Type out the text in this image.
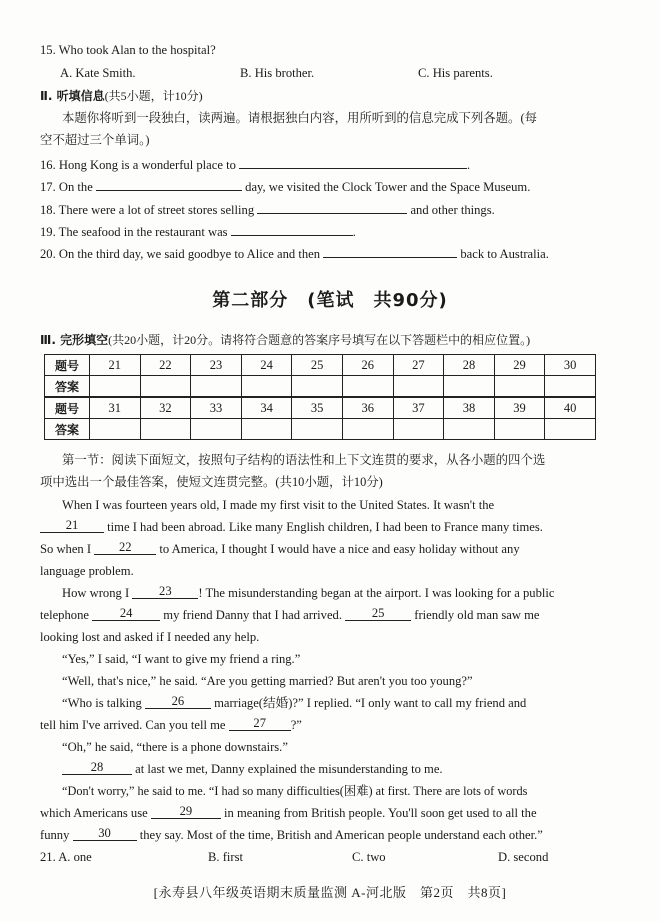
15. Who took Alan to the hospital?
A. Kate Smith.	B. His brother.	C. His parents.
Ⅱ. 听填信息(共5小题，计10分)
本题你将听到一段独白，读两遍。请根据独白内容，用所听到的信息完成下列各题。(每
空不超过三个单词。)
16. Hong Kong is a wonderful place to	.
17. On the	day, we visited the Clock Tower and the Space Museum.
18. There were a lot of street stores selling	and other things.
19. The seafood in the restaurant was	.
20. On the third day, we said goodbye to Alice and then	back to Australia.
第二部分　(笔试　共90分)
Ⅲ. 完形填空(共20小题，计20分。请将符合题意的答案序号填写在以下答题栏中的相应位置。)
题号	21	22	23	24	25	26	27	28	29	30
答案										
题号	31	32	33	34	35	36	37	38	39	40
答案										
第一节：阅读下面短文，按照句子结构的语法性和上下文连贯的要求，从各小题的四个选
项中选出一个最佳答案，使短文连贯完整。(共10小题，计10分)
When I was fourteen years old, I made my first visit to the United States. It wasn't the
21 time I had been abroad. Like many English children, I had been to France many times.
So when I 22 to America, I thought I would have a nice and easy holiday without any
language problem.
How wrong I 23 ! The misunderstanding began at the airport. I was looking for a public
telephone 24 my friend Danny that I had arrived. 25 friendly old man saw me
looking lost and asked if I needed any help.
“Yes,” I said, “I want to give my friend a ring.”
“Well, that's nice,” he said. “Are you getting married? But aren't you too young?”
“Who is talking 26 marriage(结婚)?” I replied. “I only want to call my friend and
tell him I've arrived. Can you tell me 27 ?”
“Oh,” he said, “there is a phone downstairs.”
28	at last we met, Danny explained the misunderstanding to me.
“Don't worry,” he said to me. “I had so many difficulties(困难) at first. There are lots of words
which Americans use	29	in meaning from British people. You'll soon get used to all the
funny 30 they say. Most of the time, British and American people understand each other.”
21. A. one	B. first	C. two	D. second
[永寿县八年级英语期末质量监测 A-河北版　第2页　共8页]
